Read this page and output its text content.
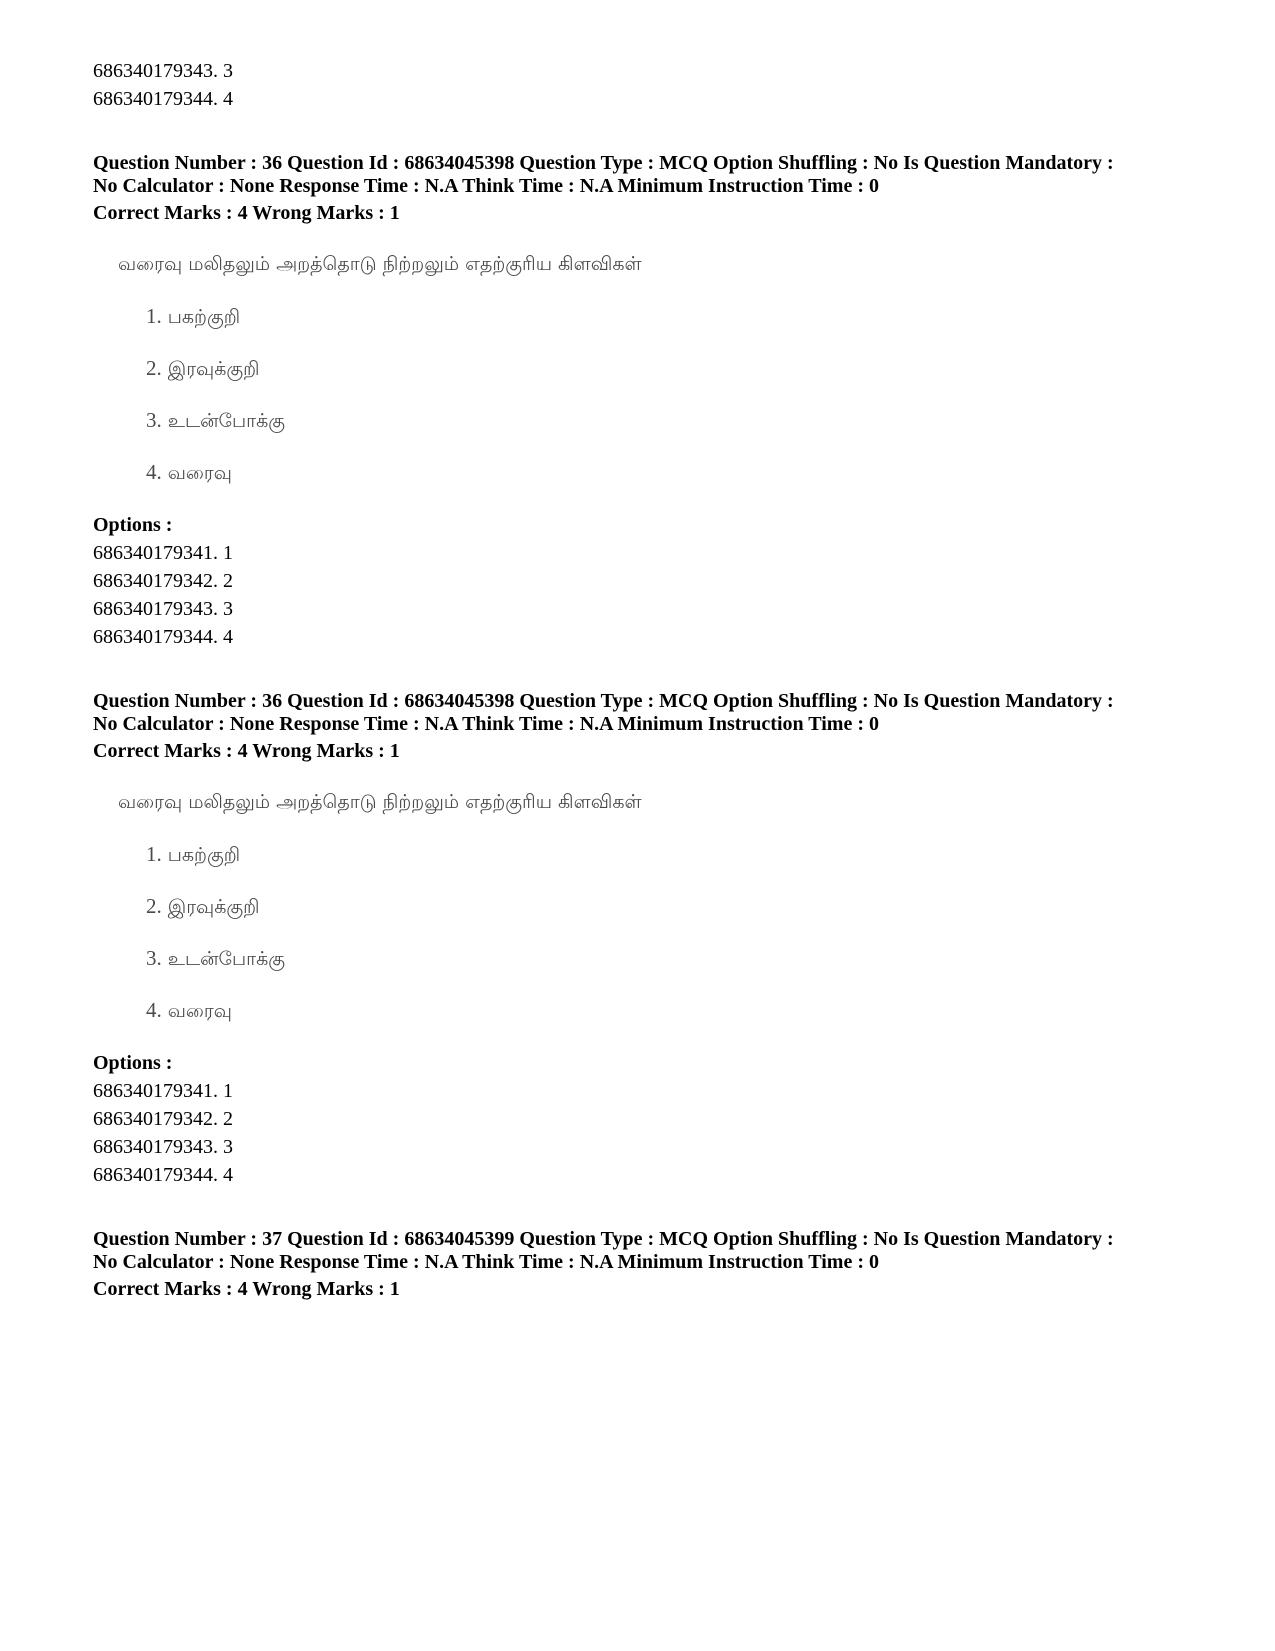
686340179343. 3
686340179344. 4
Question Number : 36 Question Id : 68634045398 Question Type : MCQ Option Shuffling : No Is Question Mandatory :
No Calculator : None Response Time : N.A Think Time : N.A Minimum Instruction Time : 0
Correct Marks : 4 Wrong Marks : 1
வரைவு மலிதலும் அறத்தொடு நிற்றலும் எதற்குரிய கிளவிகள்
1. பகற்குறி
2. இரவுக்குறி
3. உடன்போக்கு
4. வரைவு
Options :
686340179341. 1
686340179342. 2
686340179343. 3
686340179344. 4
Question Number : 36 Question Id : 68634045398 Question Type : MCQ Option Shuffling : No Is Question Mandatory :
No Calculator : None Response Time : N.A Think Time : N.A Minimum Instruction Time : 0
Correct Marks : 4 Wrong Marks : 1
வரைவு மலிதலும் அறத்தொடு நிற்றலும் எதற்குரிய கிளவிகள்
1. பகற்குறி
2. இரவுக்குறி
3. உடன்போக்கு
4. வரைவு
Options :
686340179341. 1
686340179342. 2
686340179343. 3
686340179344. 4
Question Number : 37 Question Id : 68634045399 Question Type : MCQ Option Shuffling : No Is Question Mandatory :
No Calculator : None Response Time : N.A Think Time : N.A Minimum Instruction Time : 0
Correct Marks : 4 Wrong Marks : 1
